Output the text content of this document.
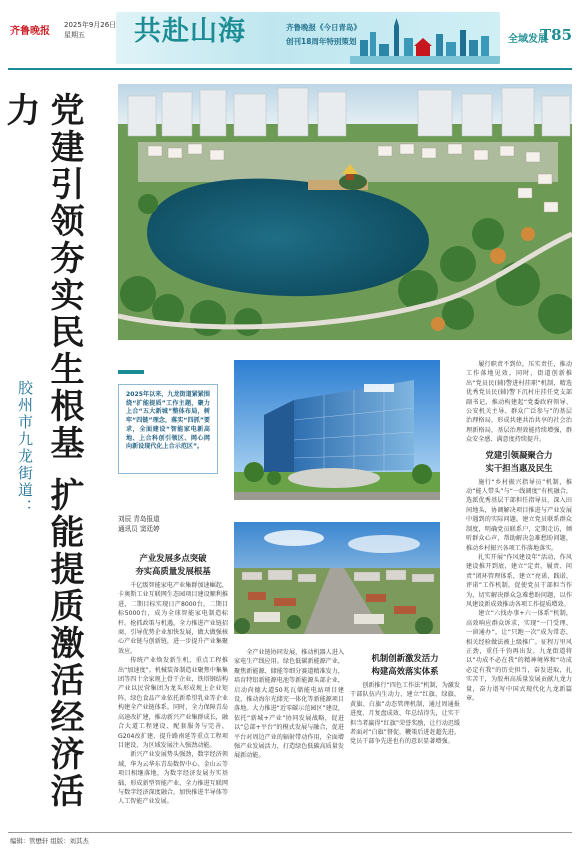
齐鲁晚报
2025年9月26日
星期五	共赴山海	齐鲁晚报《今日青岛》
创刊18周年特别策划	全域发展
T85
党建引领夯实民生根基 扩能提质激活经济活力
胶州市九龙街道：	2025年以来，九龙街道紧紧围绕“扩能提质”工作主题，聚力上合“五大新城”整体布局，树牢“四链”理念，落实“四抓”要求，全面建设“智能家电新高地、上合科创引领区、网心网向新设现代化上合示范区”。

刘辰 青岛报道
通讯员 窦廷婷
产业发展多点突破
夯实高质量发展根基

千亿级智能家电产业集群加速崛起，卡奥斯工业互联网生态园项目建设顺利推进，二期目标实现日产8000台，二期目标5000台，成为全球智能家电制造标杆。抢抓政策与机遇，全力推进产业链招商，引导优势企业加快发展，做大做强核心产业链与创新链，进一步提升产业集聚效应。

传统产业焕发新生机，重点工程推出“加速度”。机械装备制造业聚焦中集集团等四十余家规上骨干企业，铁塔钢结构产业以民营集团为龙头形成规上企业矩阵，绿色食品产业依托新希望乳业等企业构建全产业链体系。同时，全力保障青岛高速改扩建，推动新兴产业集群成长，融合大道工程建设、配套服务与完善，G204改扩建、提升路南延等重点工程项目建设，为区域发展注入强劲动能。

新兴产业发展势头强劲，数字经济领域，华为云华东青岛数智中心、金山云等项目相继落地，为数字经济发展夯实基础，形成新型智能产业，全力推进互联网与数字经济深度融合，加快推进半导体等人工智能产业发展。

全产业链协同发展，推动机器人进入家电生产线应用。绿色低碳新能源产业，聚焦新能源、储能等细分赛道精准发力，培育特铝新能源电池等新能源头部企业，启动尚德大道50兆瓦储能电站项目建设，推动海尔光储充一体化等新能源项目落地。大力推进“近零碳示范园区”建设，依托“新城+产业”协同发展战略，促进以“总部+平台”的模式发展与融合，促进平台对周边产业的辐射带动作用，全面增强产业发展活力，打造绿色低碳高质量发展新动能。

机制创新激发活力
构建高效落实体系

创新推行“四色工作法”机制，为激发干部队伍内生动力，建立“红旗、绿旗、黄旗、白旗”动态管理机制，通过周通报进度、月复盘成效、年总结得失，让实干担当者赢得“红旗”荣誉奖励，让行动迟缓者面对“白旗”督促，鞭策后进赶超先进。党员干部争先进也有的意识显著增强。

履行职责不到位，压实责任，推动工作落地见效。同时，街道创新推出“党员民(辅)警进村挂职”机制，精选优秀党员民(辅)警下沉村庄挂任党支部副书记，推动构建起“党委政府领导、公安机关主导、群众广泛参与”的基层治理格局，形成共建共治共享的社会治理新格局，基层治理效能持续增强，群众安全感、满意度持续提升。

党建引领凝聚合力
实干担当惠及民生

施行“乡村振兴指导员”机制，推动“能人带头”与“一线调度”有机融合，选派优秀基层干部担任指导员，深入田间地头，协调解决项目推进与产业发展中遇到的实际问题。建立党员联系群众制度，明确党员联系户，定期走访，倾听群众心声，帮助解决急难愁盼问题，推动乡村振兴各项工作落地落实。

扎实开展“作风建设年”活动，作风建设推开到底，建立“定责、履责、问责”闭环管理体系，建立“亮诺、践诺、评诺”工作机制，促使党员干部担当作为，切实解决群众急难愁盼问题，以作风建设新成效推动各项工作提质增效。

建立“六找办事+六一体系”机制，高效响应群众诉求，实现“一门受理、一窗通办”，让“只跑一次”成为常态，相关经验做法被上级推广。征程万里风正劲，重任千钧再出发。九龙街道将以“功成不必在我”的精神境界和“功成必定有我”的历史担当，奋发进取，扎实苦干，为胶州高质量发展贡献九龙力量，奋力谱写中国式现代化九龙新篇章。

编辑：管懋轩 组版：刘其杰
